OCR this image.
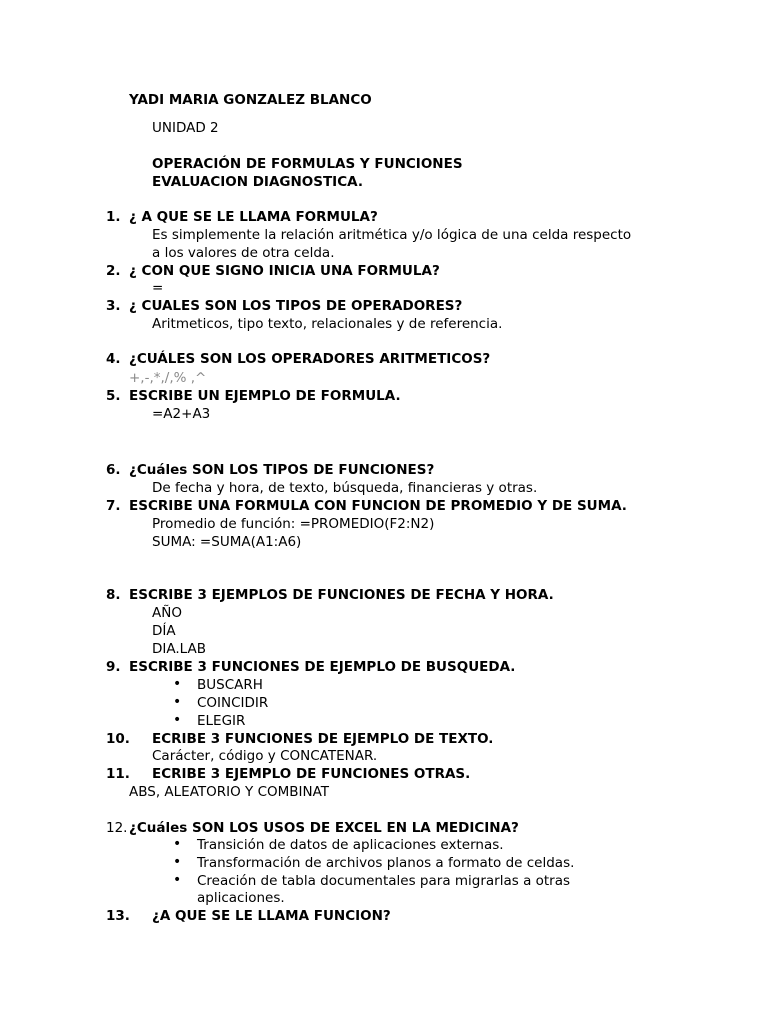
YADI MARIA GONZALEZ BLANCO
UNIDAD 2
OPERACIÓN DE FORMULAS Y FUNCIONES
EVALUACION DIAGNOSTICA.
1. ¿ A QUE SE LE LLAMA FORMULA?
Es simplemente la relación aritmética y/o lógica de una celda respecto
a los valores de otra celda.
2. ¿ CON QUE SIGNO INICIA UNA FORMULA?
=
3. ¿ CUALES SON LOS TIPOS DE OPERADORES?
Aritmeticos, tipo texto, relacionales y de referencia.
4. ¿CUÁLES SON LOS OPERADORES ARITMETICOS?
+,-,*,/,% ,^
5. ESCRIBE UN EJEMPLO DE FORMULA.
=A2+A3
6. ¿Cuáles SON LOS TIPOS DE FUNCIONES?
De fecha y hora, de texto, búsqueda, financieras y otras.
7. ESCRIBE UNA FORMULA CON FUNCION DE PROMEDIO Y DE SUMA.
Promedio de función: =PROMEDIO(F2:N2)
SUMA: =SUMA(A1:A6)
8. ESCRIBE 3 EJEMPLOS DE FUNCIONES DE FECHA Y HORA.
AÑO
DÍA
DIA.LAB
9. ESCRIBE 3 FUNCIONES DE EJEMPLO DE BUSQUEDA.
• BUSCARH
• COINCIDIR
• ELEGIR
10. ECRIBE 3 FUNCIONES DE EJEMPLO DE TEXTO.
Carácter, código y CONCATENAR.
11. ECRIBE 3 EJEMPLO DE FUNCIONES OTRAS.
ABS, ALEATORIO Y COMBINAT
12. ¿Cuáles SON LOS USOS DE EXCEL EN LA MEDICINA?
• Transición de datos de aplicaciones externas.
• Transformación de archivos planos a formato de celdas.
• Creación de tabla documentales para migrarlas a otras
aplicaciones.
13. ¿A QUE SE LE LLAMA FUNCION?
